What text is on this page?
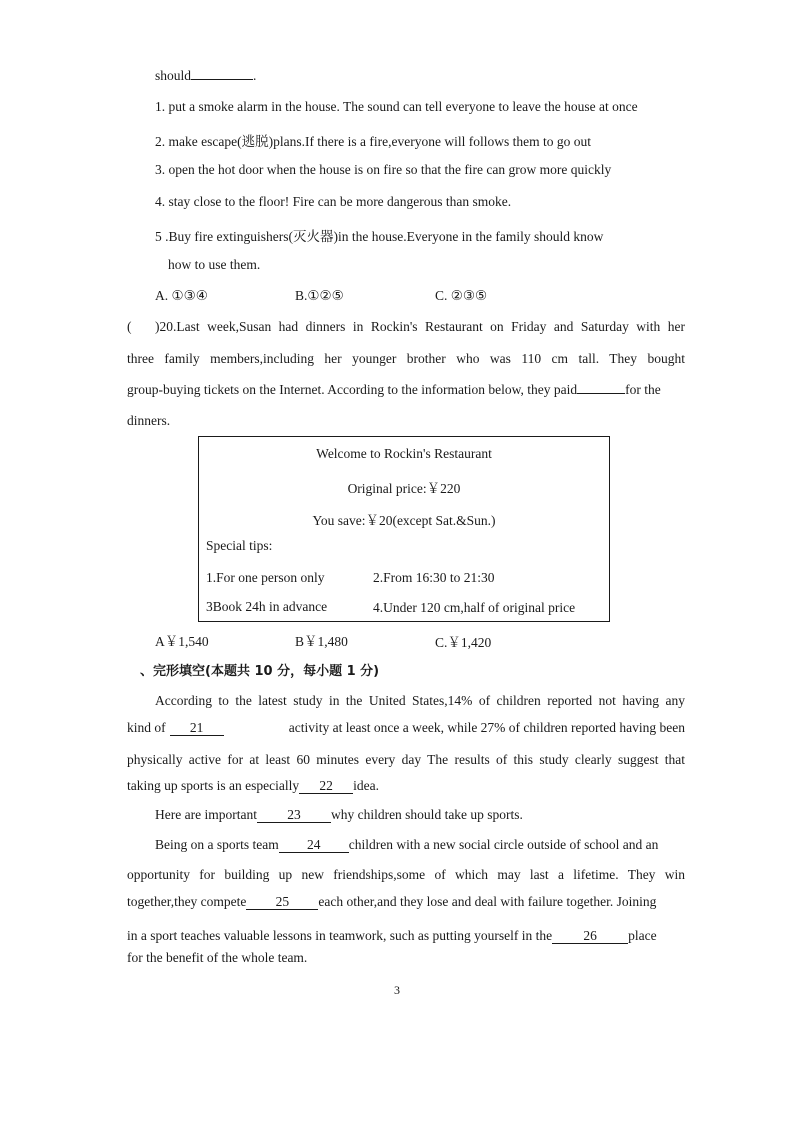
should	.
1. put a smoke alarm in the house. The sound can tell everyone to leave the house at once
2. make escape(逃脱)plans.If there is a fire,everyone will follows them to go out
3. open the hot door when the house is on fire so that the fire can grow more quickly
4. stay close to the floor! Fire can be more dangerous than smoke.
5 .Buy fire extinguishers(灭火器)in the house.Everyone in the family should know
how to use them.
A. ①③④	B.①②⑤	C. ②③⑤
( )20.Last week,Susan had dinners in Rockin's Restaurant on Friday and Saturday with her
three family members,including her younger brother who was 110 cm tall. They bought
group-buying tickets on the Internet. According to the information below, they paid	for the
dinners.
Welcome to Rockin's Restaurant
Original price:￥220
You save:￥20(except Sat.&Sun.)
Special tips:
1.For one person only	2.From 16:30 to 21:30
3Book 24h in advance	4.Under 120 cm,half of original price
A￥1,540	B￥1,480	C.￥1,420
、完形填空(本题共 10 分，每小题 1 分)
According to the latest study in the United States,14% of children reported not having any
kind of 21	activity at least once a week, while 27% of children reported having been
physically active for at least 60 minutes every day The results of this study clearly suggest that
taking up sports is an especially 22 idea.
Here are important 23 why children should take up sports.
Being on a sports team 24 children with a new social circle outside of school and an
opportunity for building up new friendships,some of which may last a lifetime. They win
together,they compete 25 each other,and they lose and deal with failure together. Joining
in a sport teaches valuable lessons in teamwork, such as putting yourself in the 26 place
for the benefit of the whole team.
3
